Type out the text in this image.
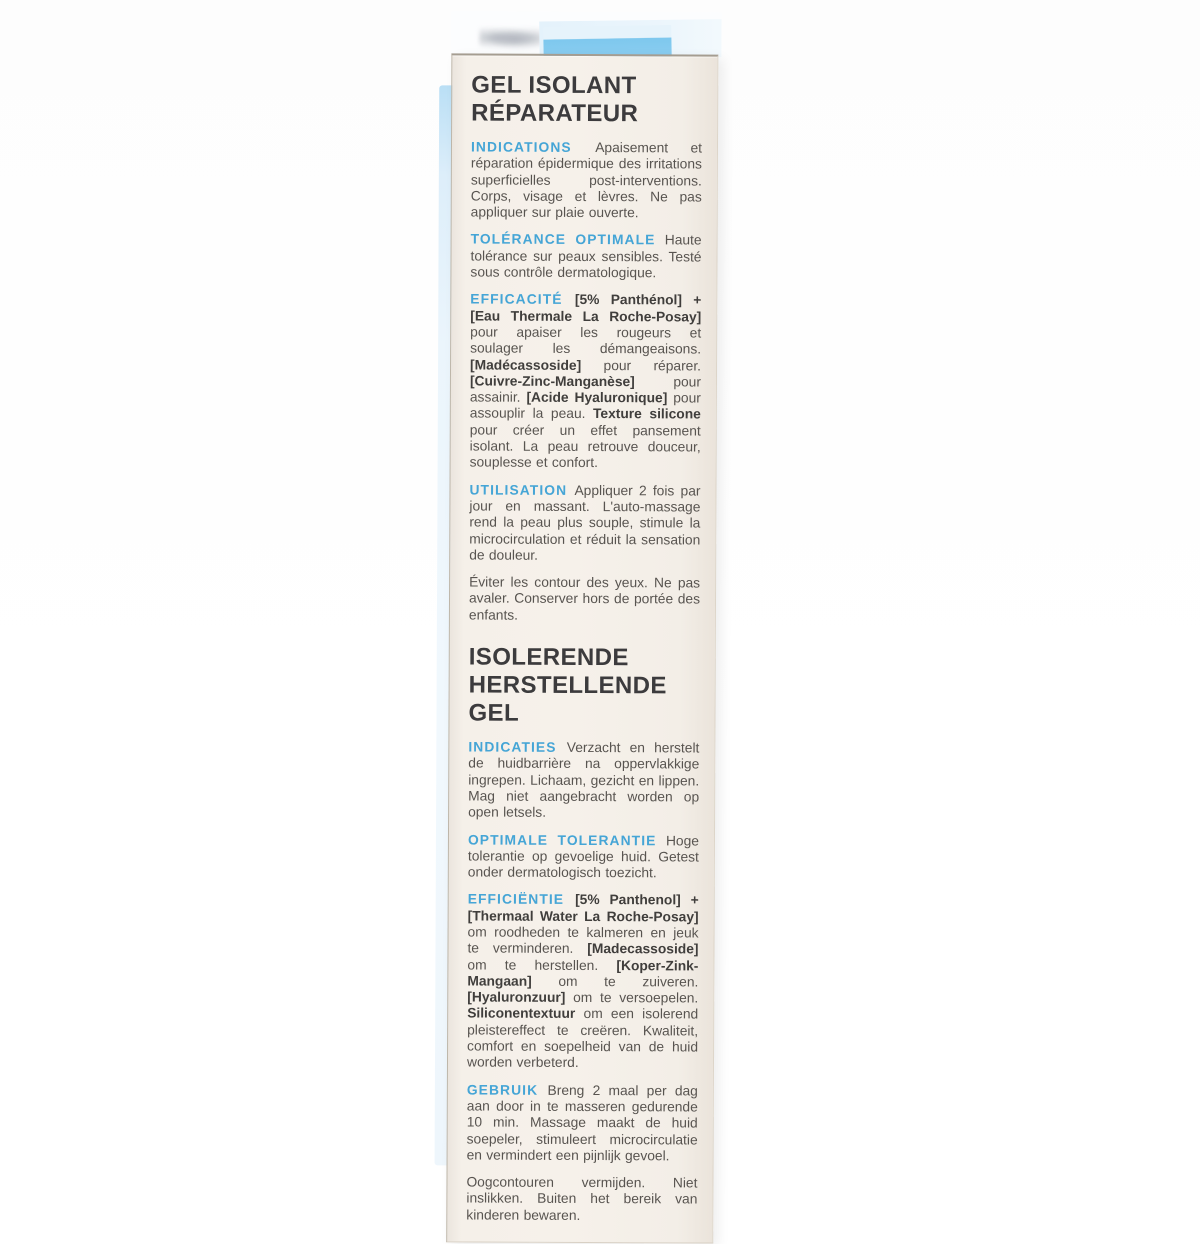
GEL ISOLANT
RÉPARATEUR

INDICATIONS Apaisement et réparation épidermique des irritations superficielles post-interventions. Corps, visage et lèvres. Ne pas appliquer sur plaie ouverte.

TOLÉRANCE OPTIMALE Haute tolérance sur peaux sensibles. Testé sous contrôle dermatologique.

EFFICACITÉ [5% Panthénol] + [Eau Thermale La Roche-Posay] pour apaiser les rougeurs et soulager les démangeaisons. [Madécassoside] pour réparer. [Cuivre-Zinc-Manganèse] pour assainir. [Acide Hyaluronique] pour assouplir la peau. Texture silicone pour créer un effet pansement isolant. La peau retrouve douceur, souplesse et confort.

UTILISATION Appliquer 2 fois par jour en massant. L'auto-massage rend la peau plus souple, stimule la microcirculation et réduit la sensation de douleur.

Éviter les contour des yeux. Ne pas avaler. Conserver hors de portée des enfants.

ISOLERENDE
HERSTELLENDE GEL

INDICATIES Verzacht en herstelt de huidbarrière na oppervlakkige ingrepen. Lichaam, gezicht en lippen. Mag niet aangebracht worden op open letsels.

OPTIMALE TOLERANTIE Hoge tolerantie op gevoelige huid. Getest onder dermatologisch toezicht.

EFFICIËNTIE [5% Panthenol] + [Thermaal Water La Roche-Posay] om roodheden te kalmeren en jeuk te verminderen. [Madecassoside] om te herstellen. [Koper-Zink-Mangaan] om te zuiveren. [Hyaluronzuur] om te versoepelen. Siliconentextuur om een isolerend pleistereffect te creëren. Kwaliteit, comfort en soepelheid van de huid worden verbeterd.

GEBRUIK Breng 2 maal per dag aan door in te masseren gedurende 10 min. Massage maakt de huid soepeler, stimuleert microcirculatie en vermindert een pijnlijk gevoel.

Oogcontouren vermijden. Niet inslikken. Buiten het bereik van kinderen bewaren.
